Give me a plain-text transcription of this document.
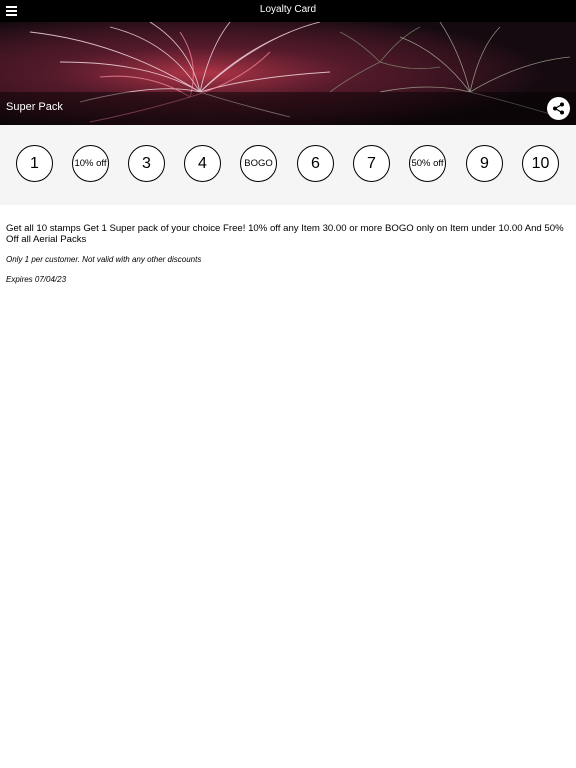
Loyalty Card
Super Pack
1	10% off	3	4	BOGO	6	7	50% off	9	10

Get all 10 stamps Get 1 Super pack of your choice Free! 10% off any Item 30.00 or more BOGO only on Item under 10.00 And 50% Off all Aerial Packs

Only 1 per customer. Not valid with any other discounts

Expires 07/04/23
